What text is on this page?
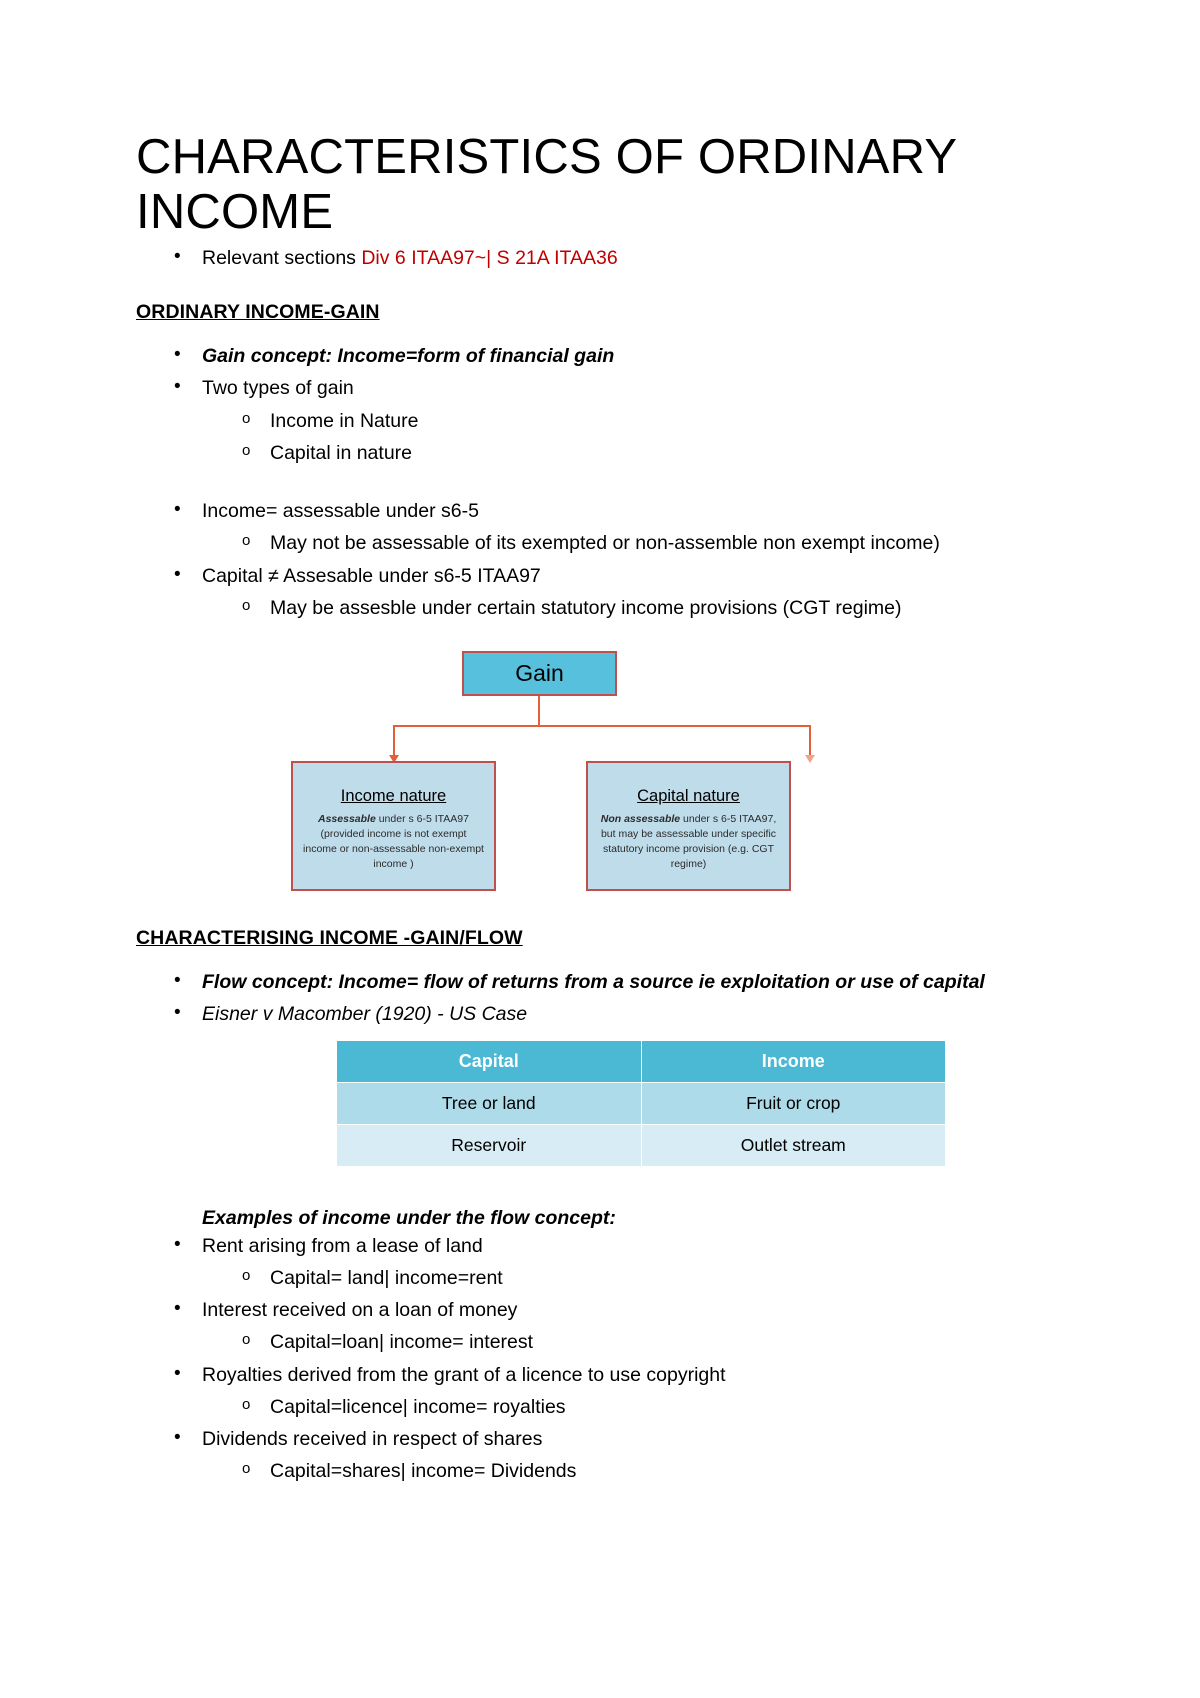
CHARACTERISTICS OF ORDINARY INCOME
• Relevant sections Div 6 ITAA97~| S 21A ITAA36
ORDINARY INCOME-GAIN
• Gain concept: Income=form of financial gain
• Two types of gain
o Income in Nature
o Capital in nature
• Income= assessable under s6-5
o May not be assessable of its exempted or non-assemble non exempt income)
• Capital ≠ Assesable under s6-5 ITAA97
o May be assesble under certain statutory income provisions (CGT regime)
Gain
Income nature
Assessable under s 6-5 ITAA97 (provided income is not exempt income or non-assessable non-exempt income )
Capital nature
Non assessable under s 6-5 ITAA97, but may be assessable under specific statutory income provision (e.g. CGT regime)
CHARACTERISING INCOME -GAIN/FLOW
• Flow concept: Income= flow of returns from a source ie exploitation or use of capital
• Eisner v Macomber (1920) - US Case
Capital	Income
Tree or land	Fruit or crop
Reservoir	Outlet stream
Examples of income under the flow concept:
• Rent arising from a lease of land
o Capital= land| income=rent
• Interest received on a loan of money
o Capital=loan| income= interest
• Royalties derived from the grant of a licence to use copyright
o Capital=licence| income= royalties
• Dividends received in respect of shares
o Capital=shares| income= Dividends
